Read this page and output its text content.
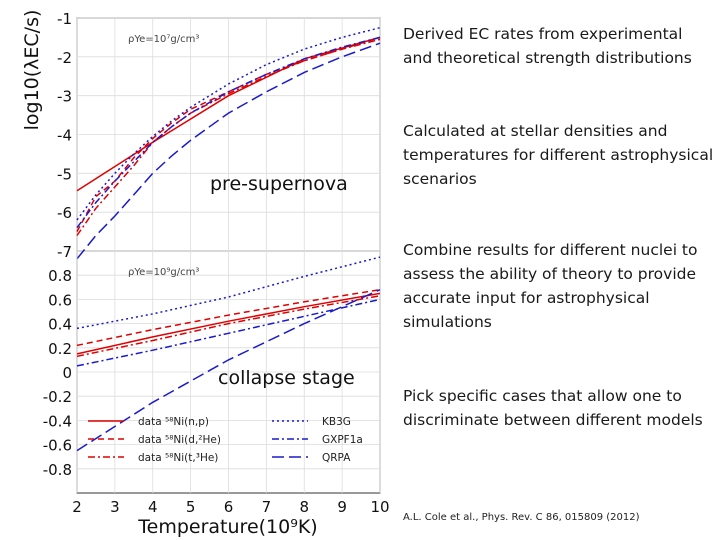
data ⁵⁸Ni(n,p)
data ⁵⁸Ni(d,²He)
data ⁵⁸Ni(t,³He)
KB3G
GXPF1a
QRPA
-7
-6
-5
-4
-3
-2
-1
ρYe=10⁷g/cm³
pre-supernova
-0.8
-0.6
-0.4
-0.2
0
0.2
0.4
0.6
0.8	ρYe=10⁹g/cm³
collapse stage
2 3 4 5 6 7 8 9 10
Temperature(10⁹K)
log10(λEC/s)	Derived EC rates from experimental and theoretical strength distributions
Calculated at stellar densities and temperatures for different astrophysical scenarios
Combine results for different nuclei to assess the ability of theory to provide accurate input for astrophysical simulations
Pick specific cases that allow one to discriminate between different models
A.L. Cole et al., Phys. Rev. C 86, 015809 (2012)
